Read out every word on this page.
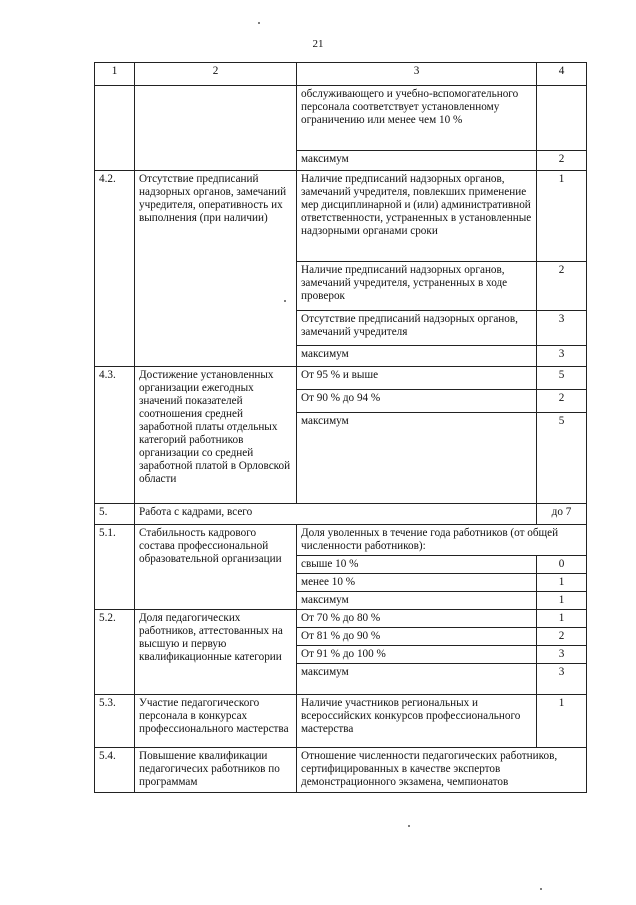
21
1	2	3	4
		обслуживающего и учебно-вспомогательного персонала соответствует установленному ограничению или менее чем 10 %	
		максимум	2
4.2.	Отсутствие предписаний надзорных органов, замечаний учредителя, оперативность их выполнения (при наличии)	Наличие предписаний надзорных органов, замечаний учредителя, повлекших применение мер дисциплинарной и (или) административной ответственности, устраненных в установленные надзорными органами сроки	1
		Наличие предписаний надзорных органов, замечаний учредителя, устраненных в ходе проверок	2
		Отсутствие предписаний надзорных органов, замечаний учредителя	3
		максимум	3
4.3.	Достижение установленных организации ежегодных значений показателей соотношения средней заработной платы отдельных категорий работников организации со средней заработной платой в Орловской области	От 95 % и выше	5
		От 90 % до 94 %	2
		максимум	5
5.	Работа с кадрами, всего		до 7
5.1.	Стабильность кадрового состава профессиональной образовательной организации	Доля уволенных в течение года работников (от общей численности работников):	
		свыше 10 %	0
		менее 10 %	1
		максимум	1
5.2.	Доля педагогических работников, аттестованных на высшую и первую квалификационные категории	От 70 % до 80 %	1
		От 81 % до 90 %	2
		От 91 % до 100 %	3
		максимум	3
5.3.	Участие педагогического персонала в конкурсах профессионального мастерства	Наличие участников региональных и всероссийских конкурсов профессионального мастерства	1
5.4.	Повышение квалификации педагогичесих работников по программам	Отношение численности педагогических работников, сертифицированных в качестве экспертов демонстрационного экзамена, чемпионатов	
